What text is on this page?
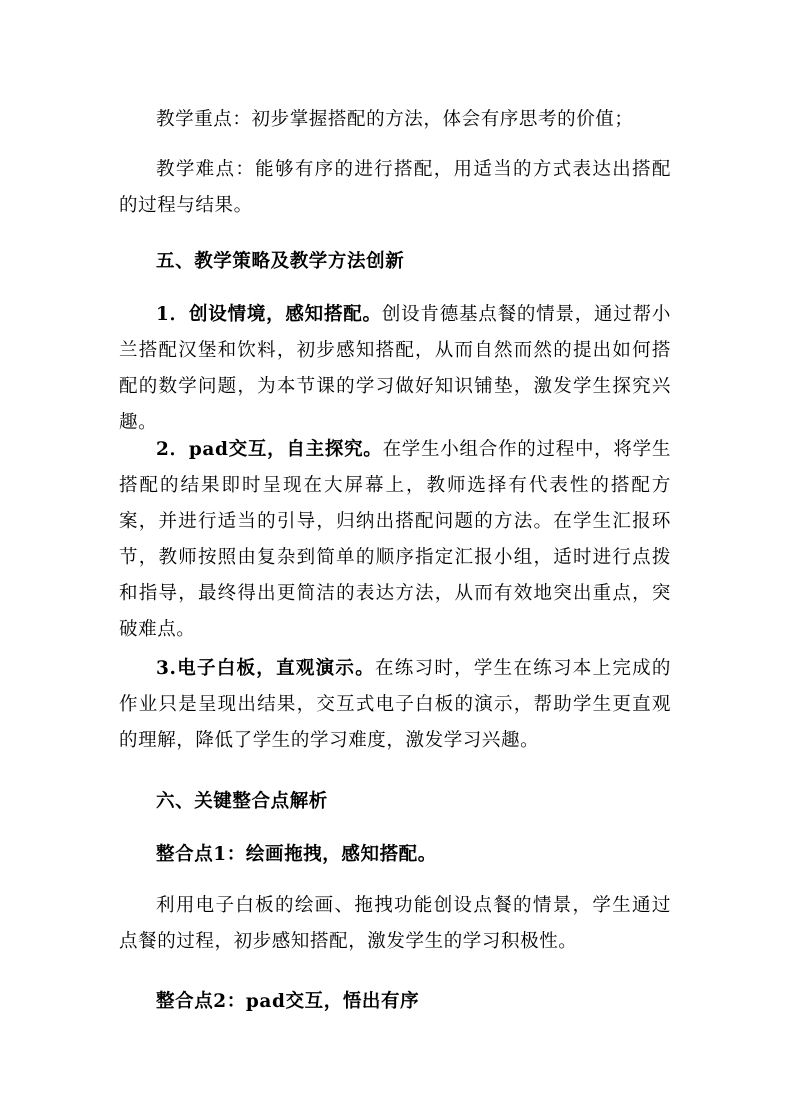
教学重点：初步掌握搭配的方法，体会有序思考的价值；

教学难点：能够有序的进行搭配，用适当的方式表达出搭配的过程与结果。

五、教学策略及教学方法创新

1．创设情境，感知搭配。创设肯德基点餐的情景，通过帮小兰搭配汉堡和饮料，初步感知搭配，从而自然而然的提出如何搭配的数学问题，为本节课的学习做好知识铺垫，激发学生探究兴趣。

2．pad交互，自主探究。在学生小组合作的过程中，将学生搭配的结果即时呈现在大屏幕上，教师选择有代表性的搭配方案，并进行适当的引导，归纳出搭配问题的方法。在学生汇报环节，教师按照由复杂到简单的顺序指定汇报小组，适时进行点拨和指导，最终得出更简洁的表达方法，从而有效地突出重点，突破难点。

3.电子白板，直观演示。在练习时，学生在练习本上完成的作业只是呈现出结果，交互式电子白板的演示，帮助学生更直观的理解，降低了学生的学习难度，激发学习兴趣。

六、关键整合点解析

整合点1：绘画拖拽，感知搭配。

利用电子白板的绘画、拖拽功能创设点餐的情景，学生通过点餐的过程，初步感知搭配，激发学生的学习积极性。

整合点2：pad交互，悟出有序
